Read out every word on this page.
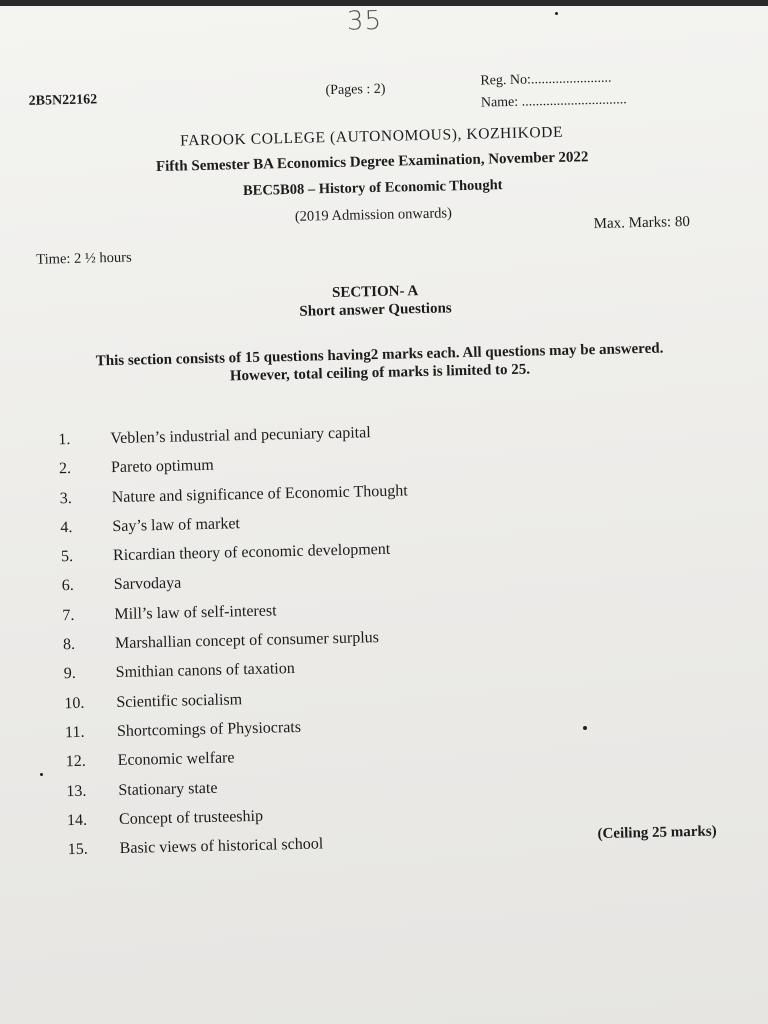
35
2B5N22162
(Pages : 2)
Reg. No:.......................
Name: ..............................
FAROOK COLLEGE (AUTONOMOUS), KOZHIKODE
Fifth Semester BA Economics Degree Examination, November 2022
BEC5B08 – History of Economic Thought
(2019 Admission onwards)
Time: 2 ½ hours
Max. Marks: 80
SECTION- A
Short answer Questions
This section consists of 15 questions having2 marks each. All questions may be answered. However, total ceiling of marks is limited to 25.
1.	Veblen’s industrial and pecuniary capital
2.	Pareto optimum
3.	Nature and significance of Economic Thought
4.	Say’s law of market
5.	Ricardian theory of economic development
6.	Sarvodaya
7.	Mill’s law of self-interest
8.	Marshallian concept of consumer surplus
9.	Smithian canons of taxation
10.	Scientific socialism
11.	Shortcomings of Physiocrats
12.	Economic welfare
13.	Stationary state
14.	Concept of trusteeship
15.	Basic views of historical school
(Ceiling 25 marks)
